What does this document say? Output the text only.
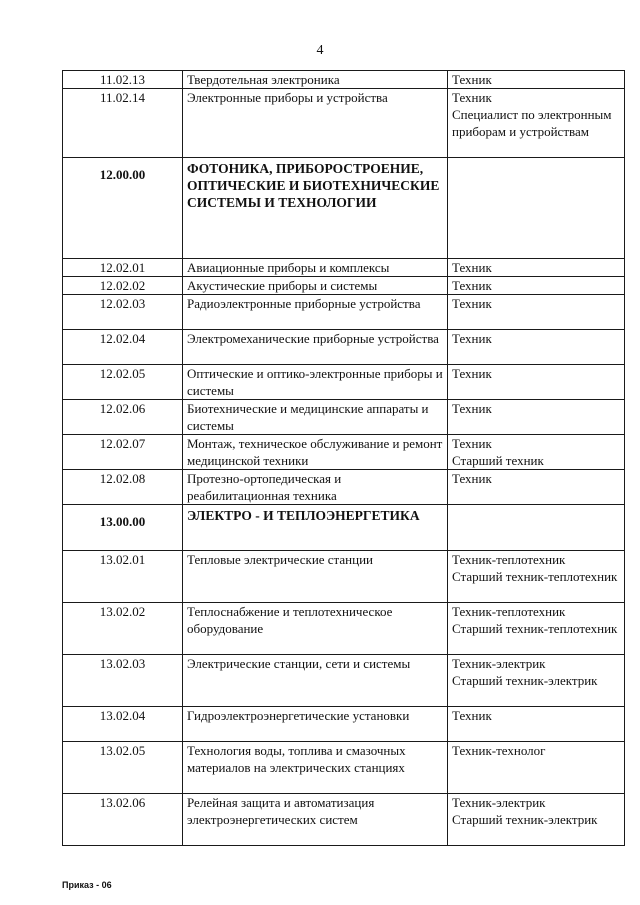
4
11.02.13	Твердотельная электроника	Техник

11.02.14	Электронные приборы и устройства	Техник
Специалист по электронным приборам и устройствам

12.00.00	ФОТОНИКА, ПРИБОРОСТРОЕНИЕ, ОПТИЧЕСКИЕ И БИОТЕХНИЧЕСКИЕ СИСТЕМЫ И ТЕХНОЛОГИИ	
12.02.01	Авиационные приборы и комплексы	Техник

12.02.02	Акустические приборы и системы	Техник

12.02.03	Радиоэлектронные приборные устройства	Техник

12.02.04	Электромеханические приборные устройства	Техник

12.02.05	Оптические и оптико-электронные приборы и системы	Техник

12.02.06	Биотехнические и медицинские аппараты и системы	Техник

12.02.07	Монтаж, техническое обслуживание и ремонт медицинской техники	Техник
Старший техник

12.02.08	Протезно-ортопедическая и реабилитационная техника	Техник

13.00.00	ЭЛЕКТРО - И ТЕПЛОЭНЕРГЕТИКА	
13.02.01	Тепловые электрические станции	Техник-теплотехник
Старший техник-теплотехник

13.02.02	Теплоснабжение и теплотехническое оборудование	Техник-теплотехник
Старший техник-теплотехник

13.02.03	Электрические станции, сети и системы	Техник-электрик
Старший техник-электрик

13.02.04	Гидроэлектроэнергетические установки	Техник

13.02.05	Технология воды, топлива и смазочных материалов на электрических станциях	Техник-технолог

13.02.06	Релейная защита и автоматизация электроэнергетических систем	Техник-электрик
Старший техник-электрик
Приказ - 06
